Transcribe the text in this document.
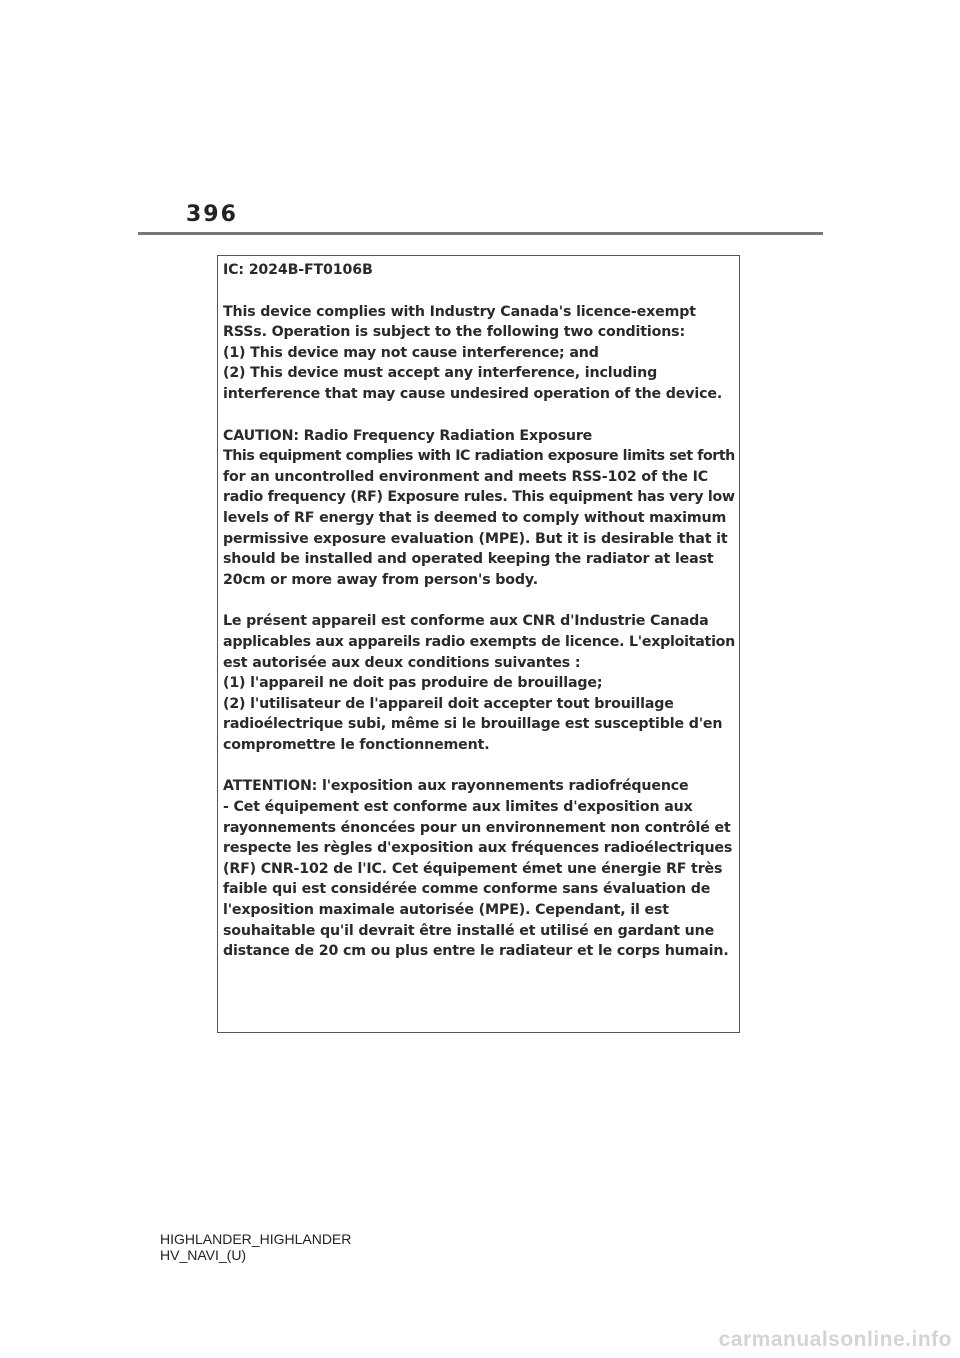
396

IC: 2024B-FT0106B

This device complies with Industry Canada's licence-exempt
RSSs. Operation is subject to the following two conditions:
(1) This device may not cause interference; and
(2) This device must accept any interference, including
interference that may cause undesired operation of the device.

CAUTION: Radio Frequency Radiation Exposure
This equipment complies with IC radiation exposure limits set forth
for an uncontrolled environment and meets RSS-102 of the IC
radio frequency (RF) Exposure rules. This equipment has very low
levels of RF energy that is deemed to comply without maximum
permissive exposure evaluation (MPE). But it is desirable that it
should be installed and operated keeping the radiator at least
20cm or more away from person's body.

Le présent appareil est conforme aux CNR d'Industrie Canada
applicables aux appareils radio exempts de licence. L'exploitation
est autorisée aux deux conditions suivantes :
(1) l'appareil ne doit pas produire de brouillage;
(2) l'utilisateur de l'appareil doit accepter tout brouillage
radioélectrique subi, même si le brouillage est susceptible d'en
compromettre le fonctionnement.

ATTENTION: l'exposition aux rayonnements radiofréquence
- Cet équipement est conforme aux limites d'exposition aux
rayonnements énoncées pour un environnement non contrôlé et
respecte les règles d'exposition aux fréquences radioélectriques
(RF) CNR-102 de l'IC. Cet équipement émet une énergie RF très
faible qui est considérée comme conforme sans évaluation de
l'exposition maximale autorisée (MPE). Cependant, il est
souhaitable qu'il devrait être installé et utilisé en gardant une
distance de 20 cm ou plus entre le radiateur et le corps humain.

HIGHLANDER_HIGHLANDER
HV_NAVI_(U)
carmanualsonline.info
